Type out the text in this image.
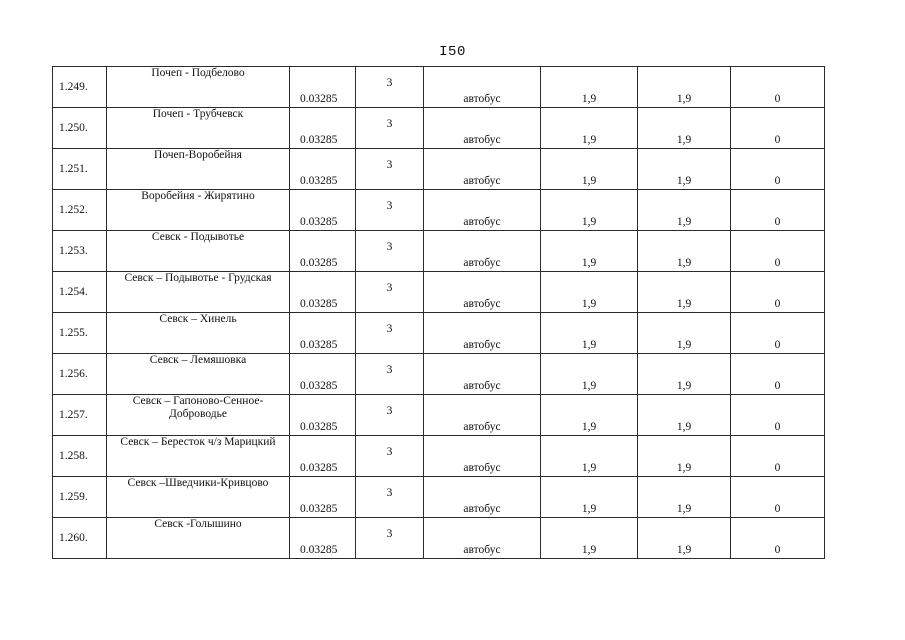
I50
1.249.	Почеп - Подбелово	0.03285	3	автобус	1,9	1,9	0

1.250.	Почеп - Трубчевск	0.03285	3	автобус	1,9	1,9	0

1.251.	Почеп-Воробейня	0.03285	3	автобус	1,9	1,9	0

1.252.	Воробейня - Жирятино	0.03285	3	автобус	1,9	1,9	0

1.253.	Севск - Подывотье	0.03285	3	автобус	1,9	1,9	0

1.254.	Севск – Подывотье - Грудская	0.03285	3	автобус	1,9	1,9	0

1.255.	Севск – Хинель	0.03285	3	автобус	1,9	1,9	0

1.256.	Севск – Лемяшовка	0.03285	3	автобус	1,9	1,9	0

1.257.	Севск – Гапоново-Сенное-Доброводье	0.03285	3	автобус	1,9	1,9	0

1.258.	Севск – Бересток ч/з Марицкий	0.03285	3	автобус	1,9	1,9	0

1.259.	Севск –Шведчики-Кривцово	0.03285	3	автобус	1,9	1,9	0

1.260.	Севск -Голышино	0.03285	3	автобус	1,9	1,9	0
